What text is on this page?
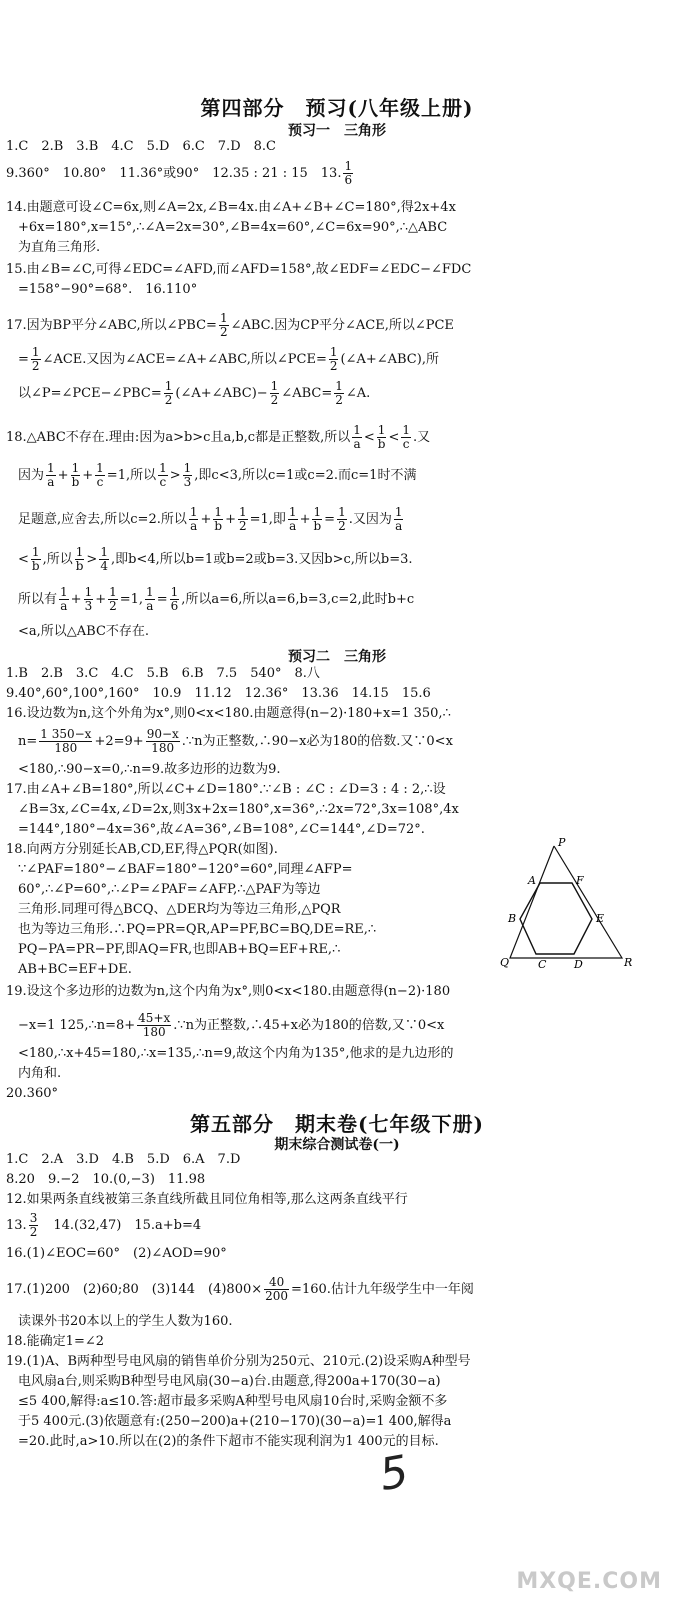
第四部分　预习(八年级上册)
预习一　三角形
1.C　2.B　3.B　4.C　5.D　6.C　7.D　8.C
9.360°　10.80°　11.36°或90°　12.35 : 21 : 15　13. $\frac{1}{6}$
14.由题意可设∠C=6x,则∠A=2x,∠B=4x.由∠A+∠B+∠C=180°,得2x+4x
+6x=180°,x=15°,∴∠A=2x=30°,∠B=4x=60°,∠C=6x=90°,∴△ABC
为直角三角形.
15.由∠B=∠C,可得∠EDC=∠AFD,而∠AFD=158°,故∠EDF=∠EDC−∠FDC
=158°−90°=68°.　16.110°
17.因为BP平分∠ABC,所以∠PBC= $\frac{1}{2}$ ∠ABC.因为CP平分∠ACE,所以∠PCE
= $\frac{1}{2}$ ∠ACE.又因为∠ACE=∠A+∠ABC,所以∠PCE= $\frac{1}{2}$ (∠A+∠ABC),所
以∠P=∠PCE−∠PBC= $\frac{1}{2}$ (∠A+∠ABC)− $\frac{1}{2}$ ∠ABC= $\frac{1}{2}$ ∠A.
18.△ABC不存在.理由:因为a>b>c且a,b,c都是正整数,所以 $\frac{1}{a} < \frac{1}{b} < \frac{1}{c}$ .又
因为 $\frac{1}{a} + \frac{1}{b} + \frac{1}{c} =1$,所以 $\frac{1}{c} > \frac{1}{3}$ ,即c<3,所以c=1或c=2.而c=1时不满
足题意,应舍去,所以c=2.所以 $\frac{1}{a} + \frac{1}{b} + \frac{1}{2} =1$,即 $\frac{1}{a} + \frac{1}{b} = \frac{1}{2}$ .又因为 $\frac{1}{a}$
< $\frac{1}{b}$ ,所以 $\frac{1}{b} > \frac{1}{4}$ ,即b<4,所以b=1或b=2或b=3.又因b>c,所以b=3.
所以有 $\frac{1}{a} + \frac{1}{3} + \frac{1}{2} =1$, $\frac{1}{a} = \frac{1}{6}$ ,所以a=6,所以a=6,b=3,c=2,此时b+c
<a,所以△ABC不存在.
预习二　三角形
1.B　2.B　3.C　4.C　5.B　6.B　7.5　540°　8.八
9.40°,60°,100°,160°　10.9　11.12　12.36°　13.36　14.15　15.6
16.设边数为n,这个外角为x°,则0<x<180.由题意得(n−2)·180+x=1 350,∴
$n= \frac{1 350-x}{180} +2=9+ \frac{90-x}{180}$ .∵n为正整数,∴90−x必为180的倍数.又∵0<x
<180,∴90−x=0,∴n=9.故多边形的边数为9.
17.由∠A+∠B=180°,所以∠C+∠D=180°.∵∠B : ∠C : ∠D=3 : 4 : 2,∴设
∠B=3x,∠C=4x,∠D=2x,则3x+2x=180°,x=36°,∴2x=72°,3x=108°,4x
=144°,180°−4x=36°,故∠A=36°,∠B=108°,∠C=144°,∠D=72°.
18.向两方分别延长AB,CD,EF,得△PQR(如图).
∵∠PAF=180°−∠BAF=180°−120°=60°,同理∠AFP=
60°,∴∠P=60°,∴∠P=∠PAF=∠AFP,∴△PAF为等边
三角形.同理可得△BCQ、△DER均为等边三角形,△PQR
也为等边三角形.∴PQ=PR=QR,AP=PF,BC=BQ,DE=RE,∴
PQ−PA=PR−PF,即AQ=FR,也即AB+BQ=EF+RE,∴
AB+BC=EF+DE.
P
A	F
B	E
Q	C	D	R
19.设这个多边形的边数为n,这个内角为x°,则0<x<180.由题意得(n−2)·180
−x=1 125,∴n=8+ $\frac{45+x}{180}$ .∵n为正整数,∴45+x必为180的倍数,又∵0<x
<180,∴x+45=180,∴x=135,∴n=9,故这个内角为135°,他求的是九边形的
内角和.
20.360°
第五部分　期末卷(七年级下册)
期末综合测试卷(一)
1.C　2.A　3.D　4.B　5.D　6.A　7.D
8.20　9.−2　10.(0,−3)　11.98
12.如果两条直线被第三条直线所截且同位角相等,那么这两条直线平行
13. $\frac{3}{2}$ 　14.(32,47)　15.a+b=4
16.(1)∠EOC=60°　(2)∠AOD=90°
17.(1)200　(2)60;80　(3)144　$(4)800\times \frac{40}{200} =160$.估计九年级学生中一年阅
读课外书20本以上的学生人数为160.
18.能确定1=∠2
19.(1)A、B两种型号电风扇的销售单价分别为250元、210元.(2)设采购A种型号
电风扇a台,则采购B种型号电风扇(30−a)台.由题意,得200a+170(30−a)
≤5 400,解得:a≤10.答:超市最多采购A种型号电风扇10台时,采购金额不多
于5 400元.(3)依题意有:(250−200)a+(210−170)(30−a)=1 400,解得a
=20.此时,a>10.所以在(2)的条件下超市不能实现利润为1 400元的目标.
5
MXQE.COM
